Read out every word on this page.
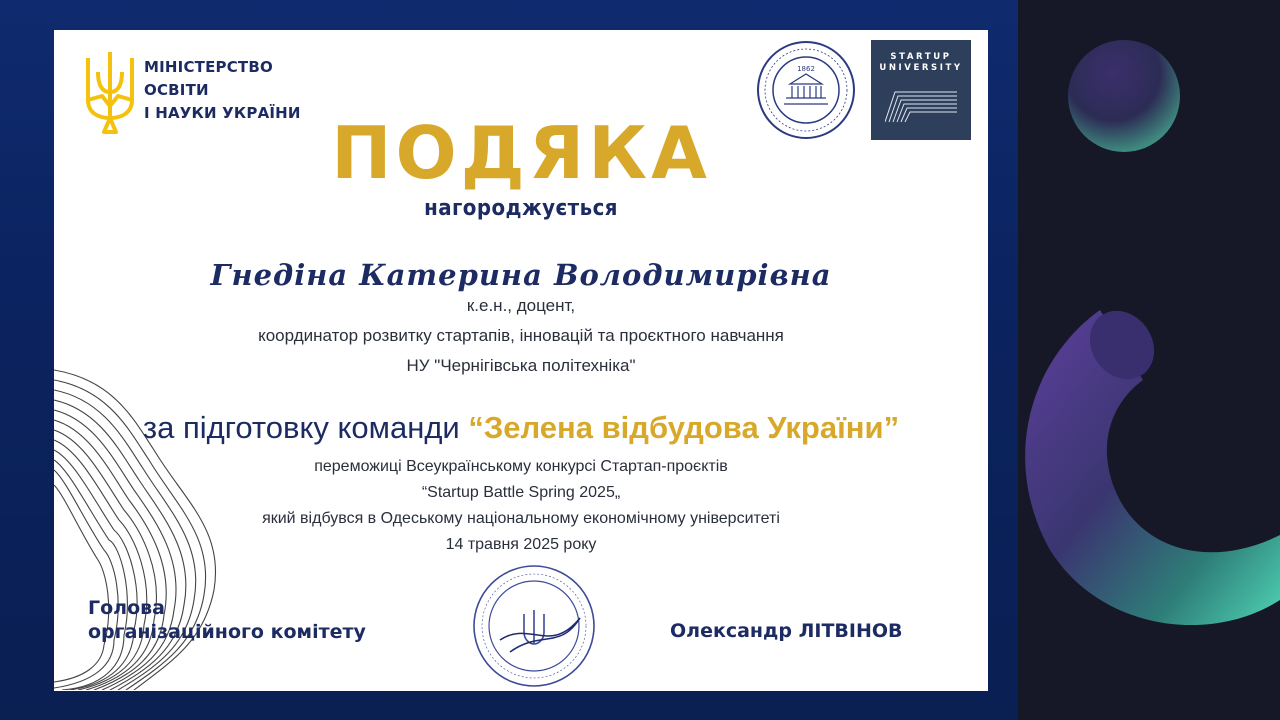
МІНІСТЕРСТВО ОСВІТИ
І НАУКИ УКРАЇНИ
1862
STARTUP
UNIVERSITY
ПОДЯКА
нагороджується
Гнедіна Катерина Володимирівна
к.е.н., доцент,
координатор розвитку стартапів, інновацій та проєктного навчання
НУ "Чернігівська політехніка"
за підготовку команди “Зелена відбудова України”
переможиці Всеукраїнському конкурсі Стартап-проєктів
“Startup Battle Spring 2025„
який відбувся в Одеському національному економічному університеті
14 травня 2025 року
Голова
організаційного комітету	Олександр ЛІТВІНОВ
